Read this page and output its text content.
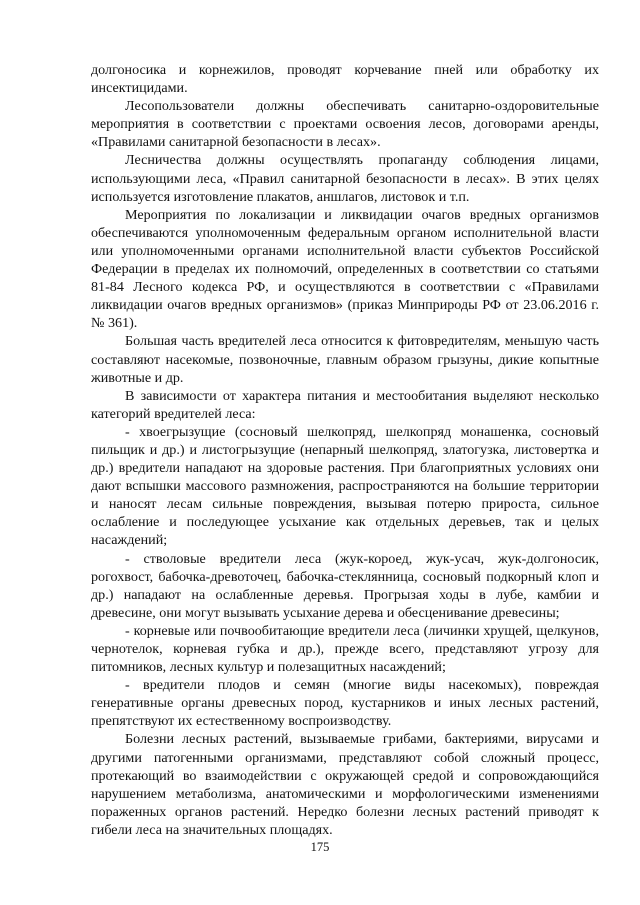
долгоносика и корнежилов, проводят корчевание пней или обработку их инсектицидами.

Лесопользователи должны обеспечивать санитарно-оздоровительные мероприятия в соответствии с проектами освоения лесов, договорами аренды, «Правилами санитарной безопасности в лесах».

Лесничества должны осуществлять пропаганду соблюдения лицами, использующими леса, «Правил санитарной безопасности в лесах». В этих целях используется изготовление плакатов, аншлагов, листовок и т.п.

Мероприятия по локализации и ликвидации очагов вредных организмов обеспечиваются уполномоченным федеральным органом исполнительной власти или уполномоченными органами исполнительной власти субъектов Российской Федерации в пределах их полномочий, определенных в соответствии со статьями 81-84 Лесного кодекса РФ, и осуществляются в соответствии с «Правилами ликвидации очагов вредных организмов» (приказ Минприроды РФ от 23.06.2016 г. № 361).

Большая часть вредителей леса относится к фитовредителям, меньшую часть составляют насекомые, позвоночные, главным образом грызуны, дикие копытные животные и др.

В зависимости от характера питания и местообитания выделяют несколько категорий вредителей леса:

- хвоегрызущие (сосновый шелкопряд, шелкопряд монашенка, сосновый пильщик и др.) и листогрызущие (непарный шелкопряд, златогузка, листовертка и др.) вредители нападают на здоровые растения. При благоприятных условиях они дают вспышки массового размножения, распространяются на большие территории и наносят лесам сильные повреждения, вызывая потерю прироста, сильное ослабление и последующее усыхание как отдельных деревьев, так и целых насаждений;

- стволовые вредители леса (жук-короед, жук-усач, жук-долгоносик, рогохвост, бабочка-древоточец, бабочка-стеклянница, сосновый подкорный клоп и др.) нападают на ослабленные деревья. Прогрызая ходы в лубе, камбии и древесине, они могут вызывать усыхание дерева и обесценивание древесины;

- корневые или почвообитающие вредители леса (личинки хрущей, щелкунов, чернотелок, корневая губка и др.), прежде всего, представляют угрозу для питомников, лесных культур и полезащитных насаждений;

- вредители плодов и семян (многие виды насекомых), повреждая генеративные органы древесных пород, кустарников и иных лесных растений, препятствуют их естественному воспроизводству.

Болезни лесных растений, вызываемые грибами, бактериями, вирусами и другими патогенными организмами, представляют собой сложный процесс, протекающий во взаимодействии с окружающей средой и сопровождающийся нарушением метаболизма, анатомическими и морфологическими изменениями пораженных органов растений. Нередко болезни лесных растений приводят к гибели леса на значительных площадях.

175
